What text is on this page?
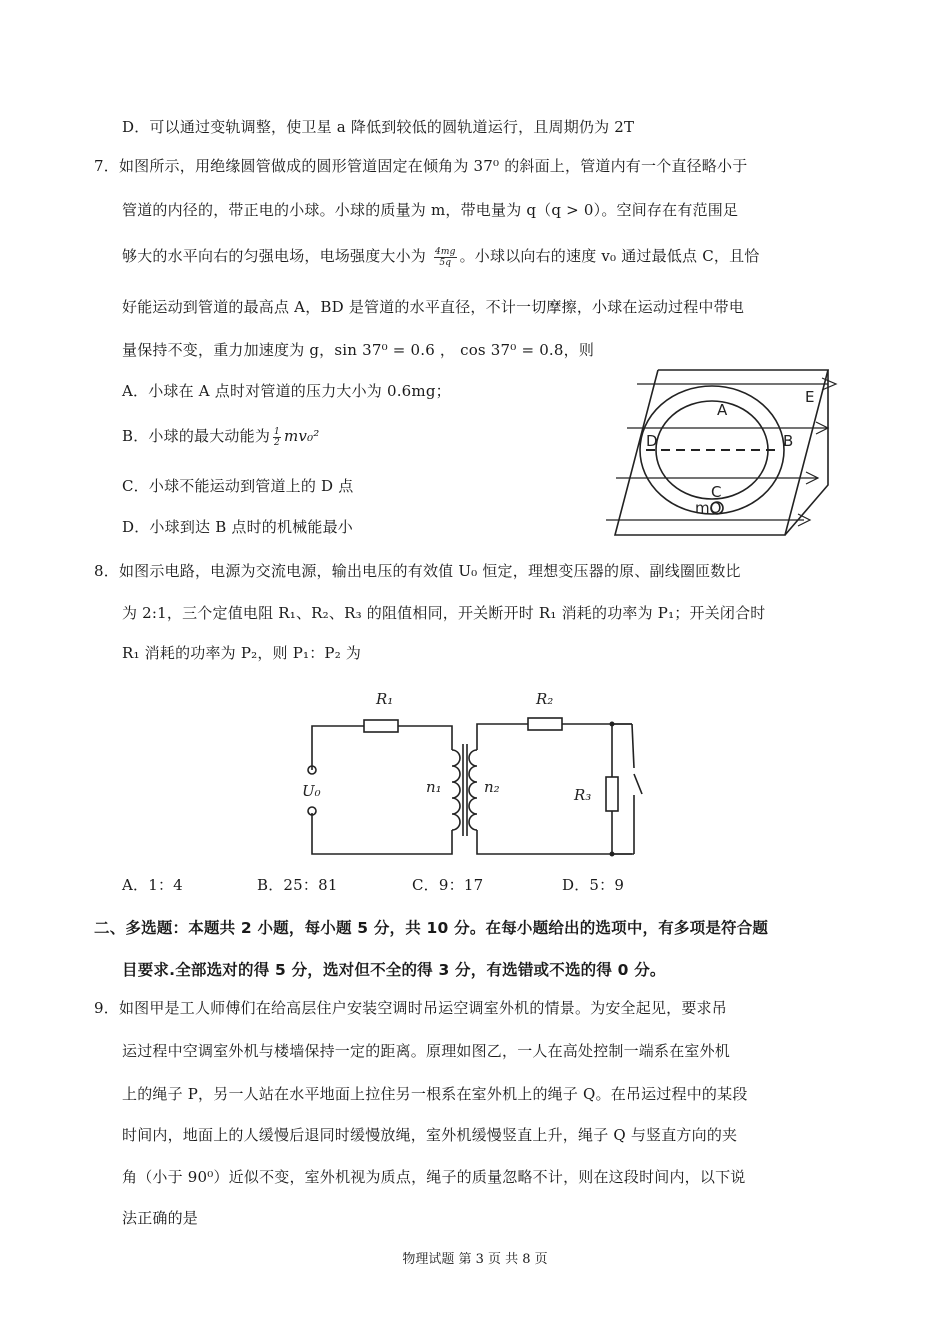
D．可以通过变轨调整，使卫星 a 降低到较低的圆轨道运行，且周期仍为 2T
7．如图所示，用绝缘圆管做成的圆形管道固定在倾角为 37⁰ 的斜面上，管道内有一个直径略小于
管道的内径的，带正电的小球。小球的质量为 m，带电量为 q（q > 0）。空间存在有范围足
够大的水平向右的匀强电场，电场强度大小为 $\frac{4mg}{5q}$ 。小球以向右的速度 v₀ 通过最低点 C，且恰
好能运动到管道的最高点 A，BD 是管道的水平直径，不计一切摩擦，小球在运动过程中带电
量保持不变，重力加速度为 g，sin 37⁰ = 0.6 ， cos 37⁰ = 0.8，则
A．小球在 A 点时对管道的压力大小为 0.6mg；
B．小球的最大动能为 $\frac{1}{2} mv_0^2$
C．小球不能运动到管道上的 D 点
D．小球到达 B 点时的机械能最小
A
D	B
C
E
mO
8．如图示电路，电源为交流电源，输出电压的有效值 U₀ 恒定，理想变压器的原、副线圈匝数比
为 2:1，三个定值电阻 R₁、R₂、R₃ 的阻值相同，开关断开时 R₁ 消耗的功率为 P₁；开关闭合时
R₁ 消耗的功率为 P₂，则 P₁：P₂ 为
R₁	R₂
R₃
U₀	n₁	n₂
A．1：4	B．25：81	C．9：17	D．5：9
二、多选题：本题共 2 小题，每小题 5 分，共 10 分。在每小题给出的选项中，有多项是符合题
目要求.全部选对的得 5 分，选对但不全的得 3 分，有选错或不选的得 0 分。
9．如图甲是工人师傅们在给高层住户安装空调时吊运空调室外机的情景。为安全起见，要求吊
运过程中空调室外机与楼墙保持一定的距离。原理如图乙，一人在高处控制一端系在室外机
上的绳子 P，另一人站在水平地面上拉住另一根系在室外机上的绳子 Q。在吊运过程中的某段
时间内，地面上的人缓慢后退同时缓慢放绳，室外机缓慢竖直上升，绳子 Q 与竖直方向的夹
角（小于 90⁰）近似不变，室外机视为质点，绳子的质量忽略不计，则在这段时间内，以下说
法正确的是
物理试题 第 3 页 共 8 页
